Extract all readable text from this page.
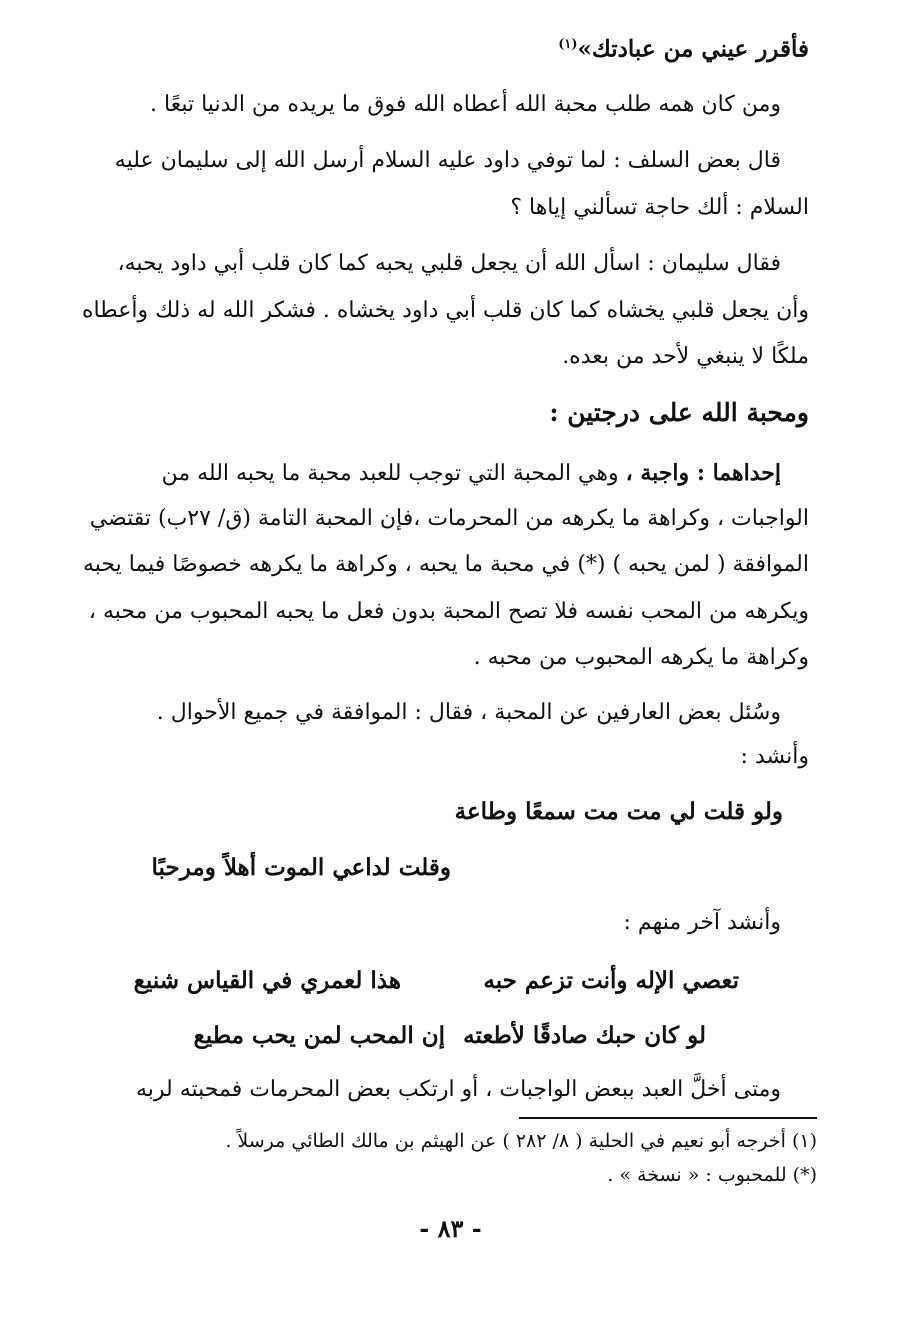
فأقرر عيني من عبادتك»$^{(١)}$
ومن كان همه طلب محبة الله أعطاه الله فوق ما يريده من الدنيا تبعًا .
قال بعض السلف : لما توفي داود عليه السلام أرسل الله إلى سليمان عليه
السلام : ألك حاجة تسألني إياها ؟
فقال سليمان : اسأل الله أن يجعل قلبي يحبه كما كان قلب أبي داود يحبه،
وأن يجعل قلبي يخشاه كما كان قلب أبي داود يخشاه . فشكر الله له ذلك وأعطاه
ملكًا لا ينبغي لأحد من بعده.
ومحبة الله على درجتين :
إحداهما : واجبة ، وهي المحبة التي توجب للعبد محبة ما يحبه الله من
الواجبات ، وكراهة ما يكرهه من المحرمات ،فإن المحبة التامة (ق/ ٢٧ب) تقتضي
الموافقة ( لمن يحبه ) (*) في محبة ما يحبه ، وكراهة ما يكرهه خصوصًا فيما يحبه
ويكرهه من المحب نفسه فلا تصح المحبة بدون فعل ما يحبه المحبوب من محبه ،
وكراهة ما يكرهه المحبوب من محبه .
وسُئل بعض العارفين عن المحبة ، فقال : الموافقة في جميع الأحوال .
وأنشد :
ولو قلت لي مت مت سمعًا وطاعة
وقلت لداعي الموت أهلاً ومرحبًا
وأنشد آخر منهم :
تعصي الإله وأنت تزعم حبه
هذا لعمري في القياس شنيع
لو كان حبك صادقًا لأطعته
إن المحب لمن يحب مطيع
ومتى أخلَّ العبد ببعض الواجبات ، أو ارتكب بعض المحرمات فمحبته لربه
(١) أخرجه أبو نعيم في الحلية ( ٨/ ٢٨٢ ) عن الهيثم بن مالك الطائي مرسلاً .
(*) للمحبوب : « نسخة » .
- ٨٣ -
